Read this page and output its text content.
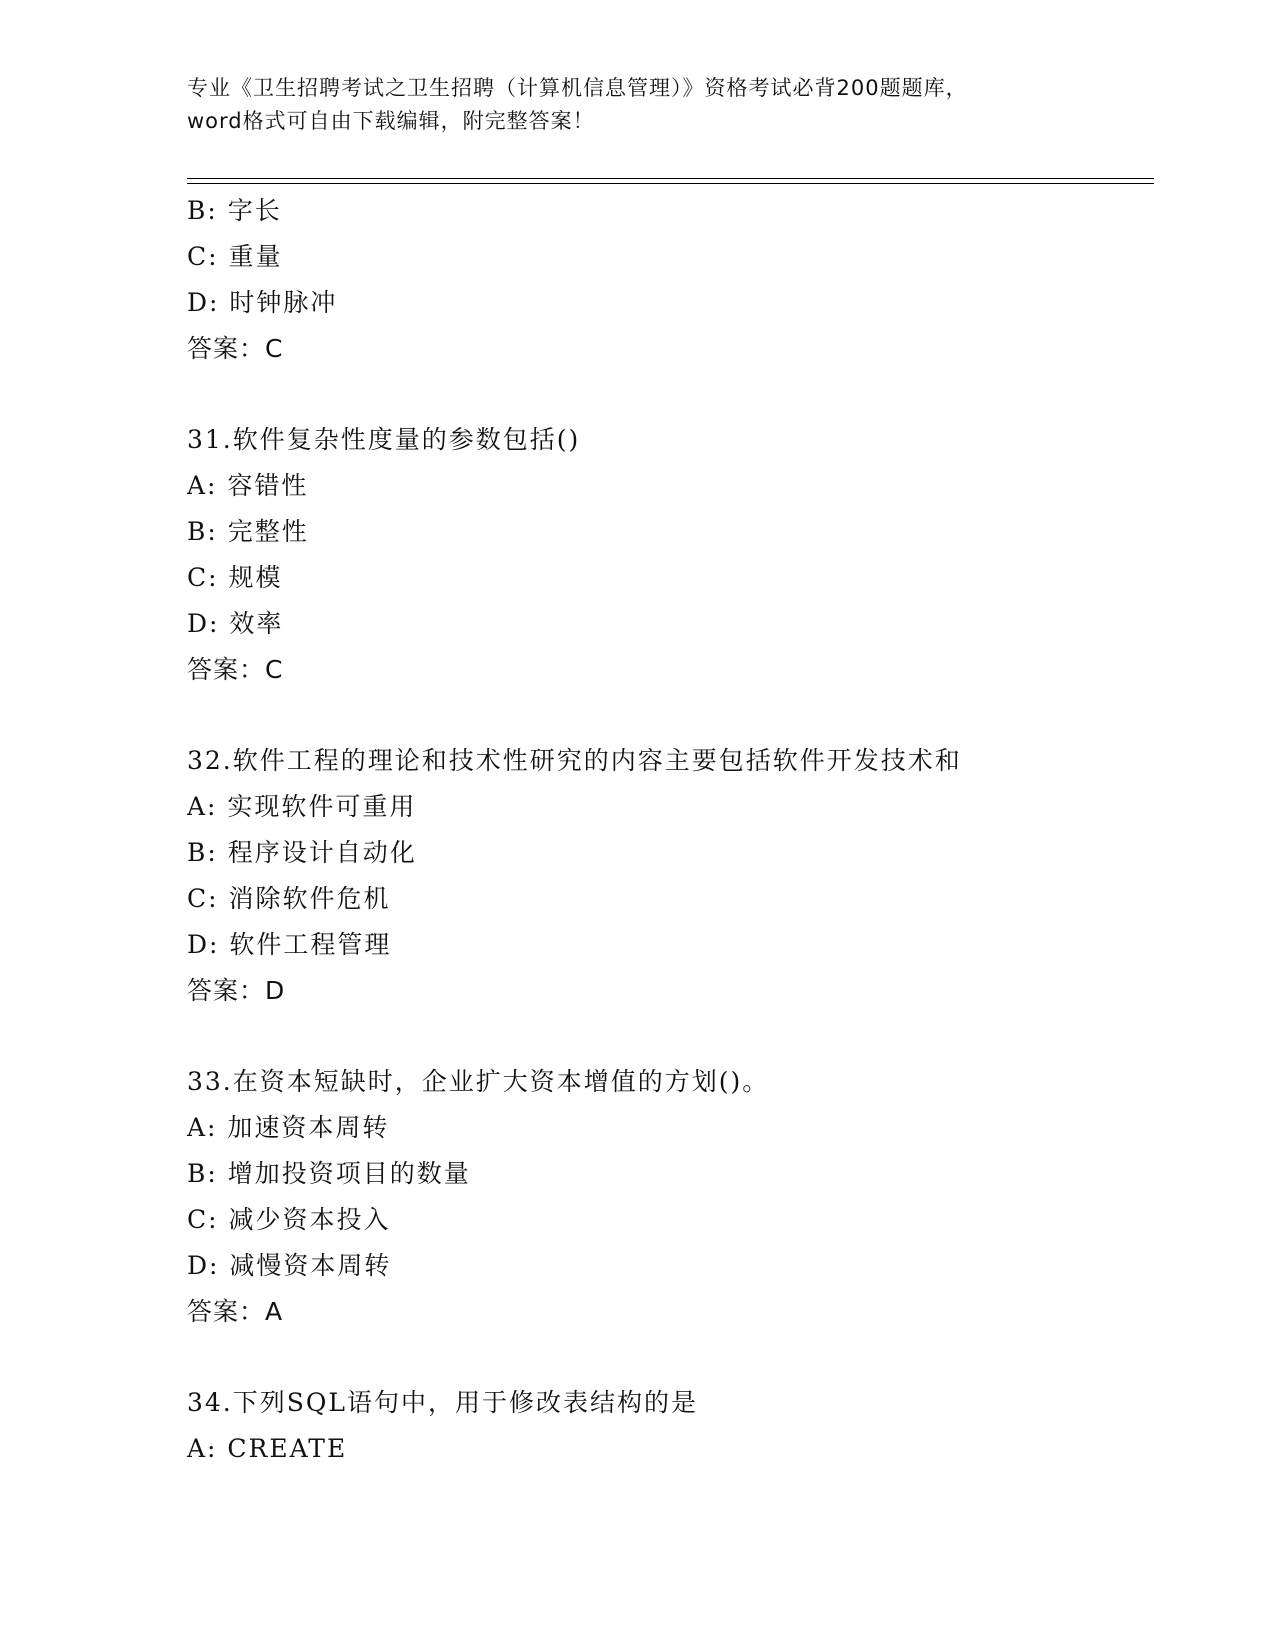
专业《卫生招聘考试之卫生招聘（计算机信息管理）》资格考试必背200题题库，
word格式可自由下载编辑，附完整答案！
B: 字长
C: 重量
D: 时钟脉冲
答案：C
31.软件复杂性度量的参数包括()
A: 容错性
B: 完整性
C: 规模
D: 效率
答案：C
32.软件工程的理论和技术性研究的内容主要包括软件开发技术和
A: 实现软件可重用
B: 程序设计自动化
C: 消除软件危机
D: 软件工程管理
答案：D
33.在资本短缺时，企业扩大资本增值的方划()。
A: 加速资本周转
B: 增加投资项目的数量
C: 减少资本投入
D: 减慢资本周转
答案：A
34.下列SQL语句中，用于修改表结构的是
A: CREATE
